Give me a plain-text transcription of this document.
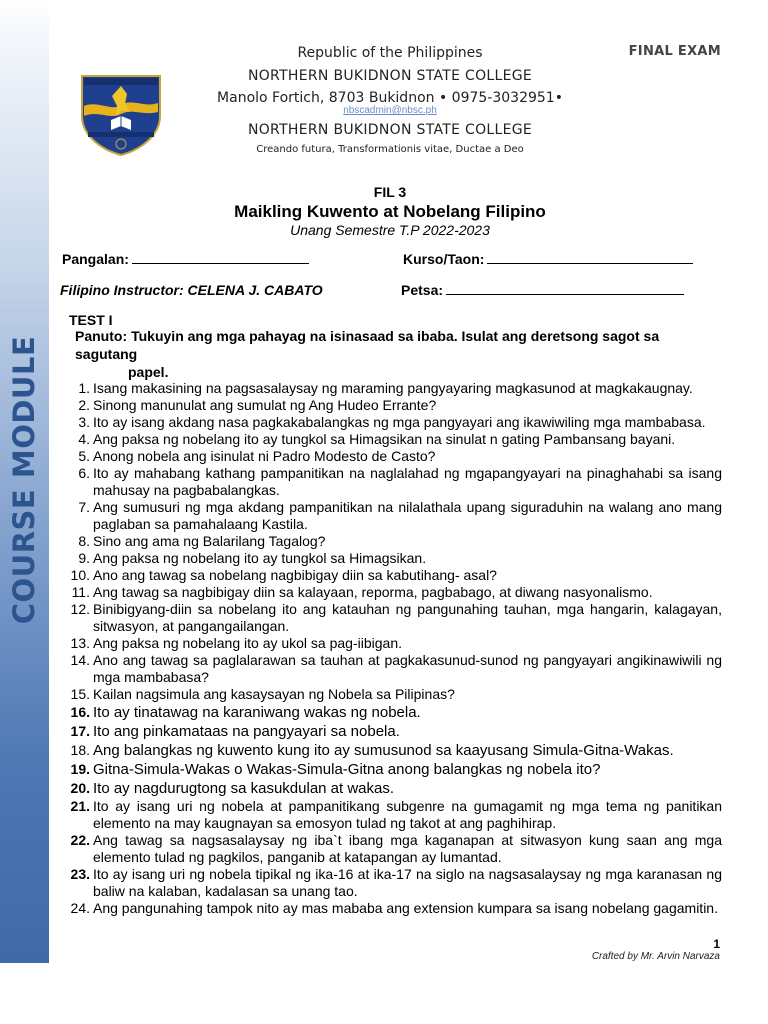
COURSE MODULE
FINAL EXAM
Republic of the Philippines
NORTHERN BUKIDNON STATE COLLEGE
Manolo Fortich, 8703 Bukidnon • 0975-3032951•
nbscadmin@nbsc.ph
NORTHERN BUKIDNON STATE COLLEGE
Creando futura, Transformationis vitae, Ductae a Deo
FIL 3
Maikling Kuwento at Nobelang Filipino
Unang Semestre T.P 2022-2023
Pangalan:	Kurso/Taon:
Filipino Instructor: CELENA J. CABATO	Petsa:
TEST I
Panuto: Tukuyin ang mga pahayag na isinasaad sa ibaba. Isulat ang deretsong sagot sa sagutang
papel.
1. Isang makasining na pagsasalaysay ng maraming pangyayaring magkasunod at magkakaugnay.
2. Sinong manunulat ang sumulat ng Ang Hudeo Errante?
3. Ito ay isang akdang nasa pagkakabalangkas ng mga pangyayari ang ikawiwiling mga mambabasa.
4. Ang paksa ng nobelang ito ay tungkol sa Himagsikan na sinulat n gating Pambansang bayani.
5. Anong nobela ang isinulat ni Padro Modesto de Casto?
6. Ito ay mahabang kathang pampanitikan na naglalahad ng mgapangyayari na pinaghahabi sa isang mahusay na pagbabalangkas.
7. Ang sumusuri ng mga akdang pampanitikan na nilalathala upang siguraduhin na walang ano mang paglaban sa pamahalaang Kastila.
8. Sino ang ama ng Balarilang Tagalog?
9. Ang paksa ng nobelang ito ay tungkol sa Himagsikan.
10. Ano ang tawag sa nobelang nagbibigay diin sa kabutihang- asal?
11. Ang tawag sa nagbibigay diin sa kalayaan, reporma, pagbabago, at diwang nasyonalismo.
12. Binibigyang-diin sa nobelang ito ang katauhan ng pangunahing tauhan, mga hangarin, kalagayan, sitwasyon, at pangangailangan.
13. Ang paksa ng nobelang ito ay ukol sa pag-iibigan.
14. Ano ang tawag sa paglalarawan sa tauhan at pagkakasunud-sunod ng pangyayari angikinawiwili ng mga mambabasa?
15. Kailan nagsimula ang kasaysayan ng Nobela sa Pilipinas?
16. Ito ay tinatawag na karaniwang wakas ng nobela.
17. Ito ang pinkamataas na pangyayari sa nobela.
18. Ang balangkas ng kuwento kung ito ay sumusunod sa kaayusang Simula-Gitna-Wakas.
19. Gitna-Simula-Wakas o Wakas-Simula-Gitna anong balangkas ng nobela ito?
20. Ito ay nagdurugtong sa kasukdulan at wakas.
21. Ito ay isang uri ng nobela at pampanitikang subgenre na gumagamit ng mga tema ng panitikan elemento na may kaugnayan sa emosyon tulad ng takot at ang paghihirap.
22. Ang tawag sa nagsasalaysay ng iba`t ibang mga kaganapan at sitwasyon kung saan ang mga elemento tulad ng pagkilos, panganib at katapangan ay lumantad.
23. Ito ay isang uri ng nobela tipikal ng ika-16 at ika-17 na siglo na nagsasalaysay ng mga karanasan ng baliw na kalaban, kadalasan sa unang tao.
24. Ang pangunahing tampok nito ay mas mababa ang extension kumpara sa isang nobelang gagamitin.
1
Crafted by Mr. Arvin Narvaza
